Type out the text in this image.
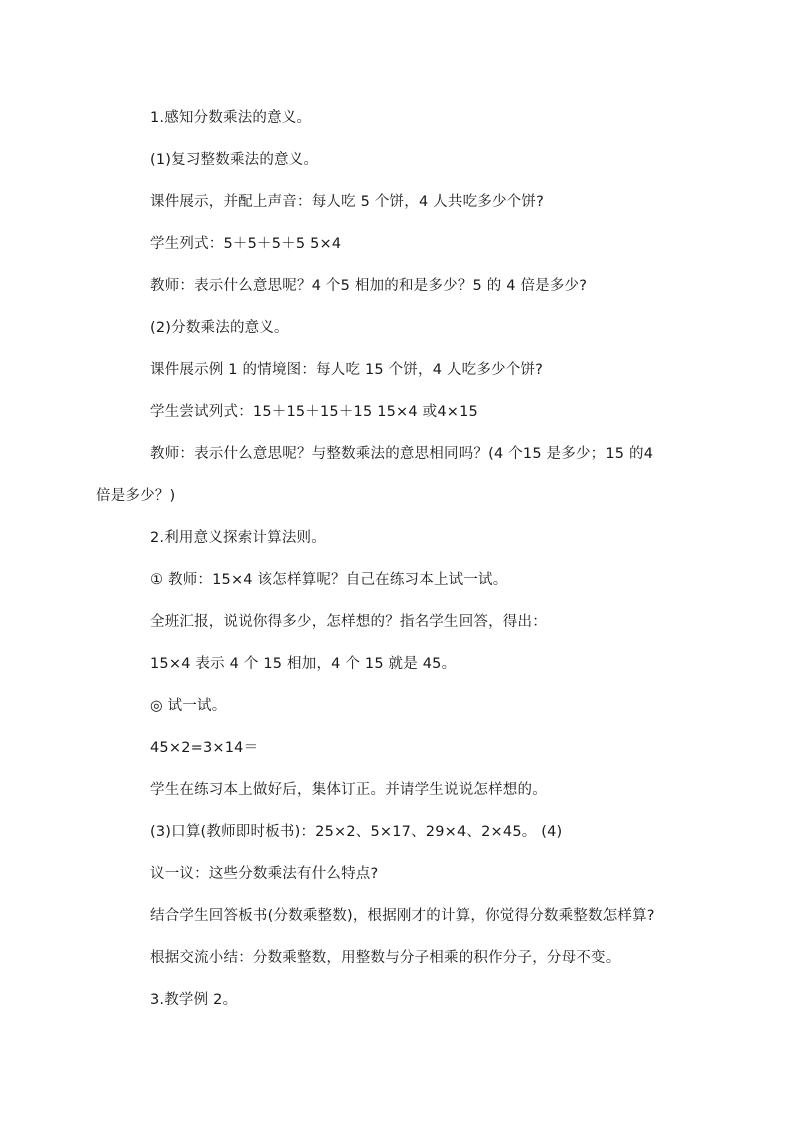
1.感知分数乘法的意义。
(1)复习整数乘法的意义。
课件展示，并配上声音：每人吃 5 个饼，4 人共吃多少个饼?
学生列式：5＋5＋5＋5 5×4
教师：表示什么意思呢？4 个5 相加的和是多少？5 的 4 倍是多少?
(2)分数乘法的意义。
课件展示例 1 的情境图：每人吃 15 个饼，4 人吃多少个饼?
学生尝试列式：15＋15＋15＋15 15×4 或4×15
教师：表示什么意思呢？与整数乘法的意思相同吗？(4 个15 是多少；15 的4
倍是多少？)
2.利用意义探索计算法则。
① 教师：15×4 该怎样算呢？自己在练习本上试一试。
全班汇报，说说你得多少，怎样想的？指名学生回答，得出：
15×4 表示 4 个 15 相加，4 个 15 就是 45。
◎ 试一试。
45×2=3×14＝
学生在练习本上做好后，集体订正。并请学生说说怎样想的。
(3)口算(教师即时板书)：25×2、5×17、29×4、2×45。 (4)
议一议：这些分数乘法有什么特点?
结合学生回答板书(分数乘整数)，根据刚才的计算，你觉得分数乘整数怎样算?
根据交流小结：分数乘整数，用整数与分子相乘的积作分子，分母不变。
3.教学例 2。
